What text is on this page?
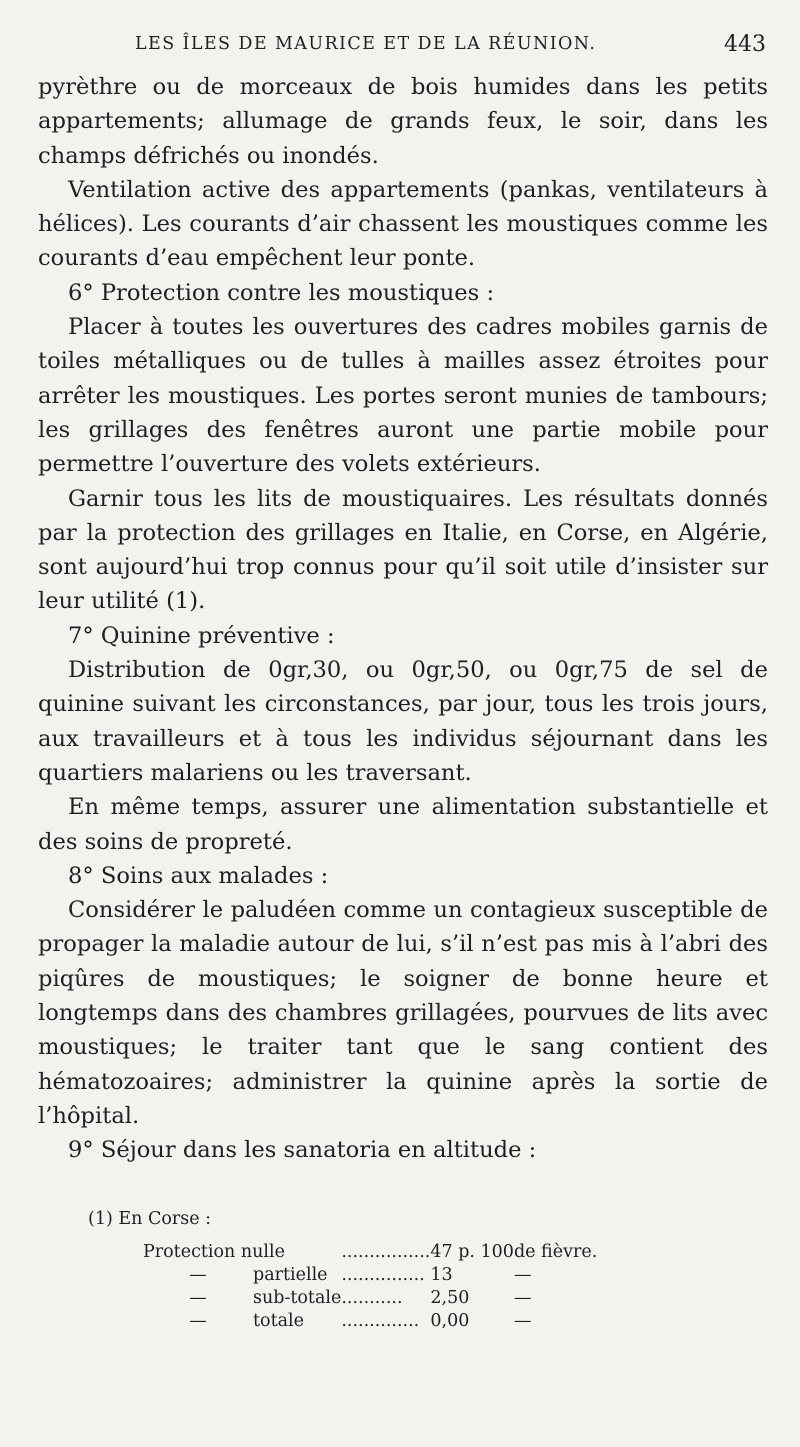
LES ÎLES DE MAURICE ET DE LA RÉUNION.	443

pyrèthre ou de morceaux de bois humides dans les petits appartements; allumage de grands feux, le soir, dans les champs défrichés ou inondés.

Ventilation active des appartements (pankas, ventilateurs à hélices). Les courants d’air chassent les moustiques comme les courants d’eau empêchent leur ponte.

6° Protection contre les moustiques :

Placer à toutes les ouvertures des cadres mobiles garnis de toiles métalliques ou de tulles à mailles assez étroites pour arrêter les moustiques. Les portes seront munies de tambours; les grillages des fenêtres auront une partie mobile pour permettre l’ouverture des volets extérieurs.

Garnir tous les lits de moustiquaires. Les résultats donnés par la protection des grillages en Italie, en Corse, en Algérie, sont aujourd’hui trop connus pour qu’il soit utile d’insister sur leur utilité (1).

7° Quinine préventive :

Distribution de 0gr,30, ou 0gr,50, ou 0gr,75 de sel de quinine suivant les circonstances, par jour, tous les trois jours, aux travailleurs et à tous les individus séjournant dans les quartiers malariens ou les traversant.

En même temps, assurer une alimentation substantielle et des soins de propreté.

8° Soins aux malades :

Considérer le paludéen comme un contagieux susceptible de propager la maladie autour de lui, s’il n’est pas mis à l’abri des piqûres de moustiques; le soigner de bonne heure et longtemps dans des chambres grillagées, pourvues de lits avec moustiques; le traiter tant que le sang contient des hématozoaires; administrer la quinine après la sortie de l’hôpital.

9° Séjour dans les sanatoria en altitude :

(1) En Corse :

Protection nulle		................	47 p. 100	de fièvre.
—	partielle	...............	13	—
—	sub-totale	...........	2,50	—
—	totale	..............	0,00	—
